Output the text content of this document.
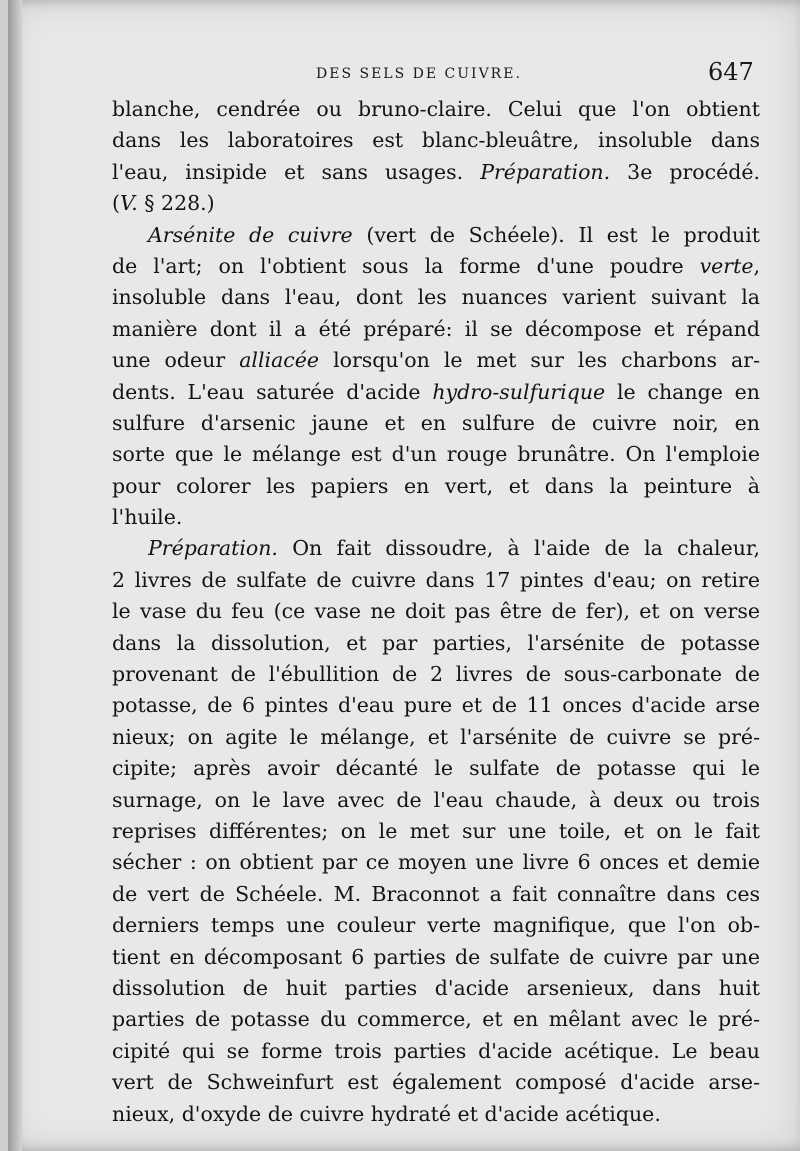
DES SELS DE CUIVRE.	647
blanche, cendrée ou bruno-claire. Celui que l'on obtient
dans les laboratoires est blanc-bleuâtre, insoluble dans
l'eau, insipide et sans usages. Préparation. 3e procédé.
(V. § 228.)
Arsénite de cuivre (vert de Schéele). Il est le produit
de l'art; on l'obtient sous la forme d'une poudre verte,
insoluble dans l'eau, dont les nuances varient suivant la
manière dont il a été préparé: il se décompose et répand
une odeur alliacée lorsqu'on le met sur les charbons ar-
dents. L'eau saturée d'acide hydro-sulfurique le change en
sulfure d'arsenic jaune et en sulfure de cuivre noir, en
sorte que le mélange est d'un rouge brunâtre. On l'emploie
pour colorer les papiers en vert, et dans la peinture à
l'huile.
Préparation. On fait dissoudre, à l'aide de la chaleur,
2 livres de sulfate de cuivre dans 17 pintes d'eau; on retire
le vase du feu (ce vase ne doit pas être de fer), et on verse
dans la dissolution, et par parties, l'arsénite de potasse
provenant de l'ébullition de 2 livres de sous-carbonate de
potasse, de 6 pintes d'eau pure et de 11 onces d'acide arse
nieux; on agite le mélange, et l'arsénite de cuivre se pré-
cipite; après avoir décanté le sulfate de potasse qui le
surnage, on le lave avec de l'eau chaude, à deux ou trois
reprises différentes; on le met sur une toile, et on le fait
sécher : on obtient par ce moyen une livre 6 onces et demie
de vert de Schéele. M. Braconnot a fait connaître dans ces
derniers temps une couleur verte magnifique, que l'on ob-
tient en décomposant 6 parties de sulfate de cuivre par une
dissolution de huit parties d'acide arsenieux, dans huit
parties de potasse du commerce, et en mêlant avec le pré-
cipité qui se forme trois parties d'acide acétique. Le beau
vert de Schweinfurt est également composé d'acide arse-
nieux, d'oxyde de cuivre hydraté et d'acide acétique.
